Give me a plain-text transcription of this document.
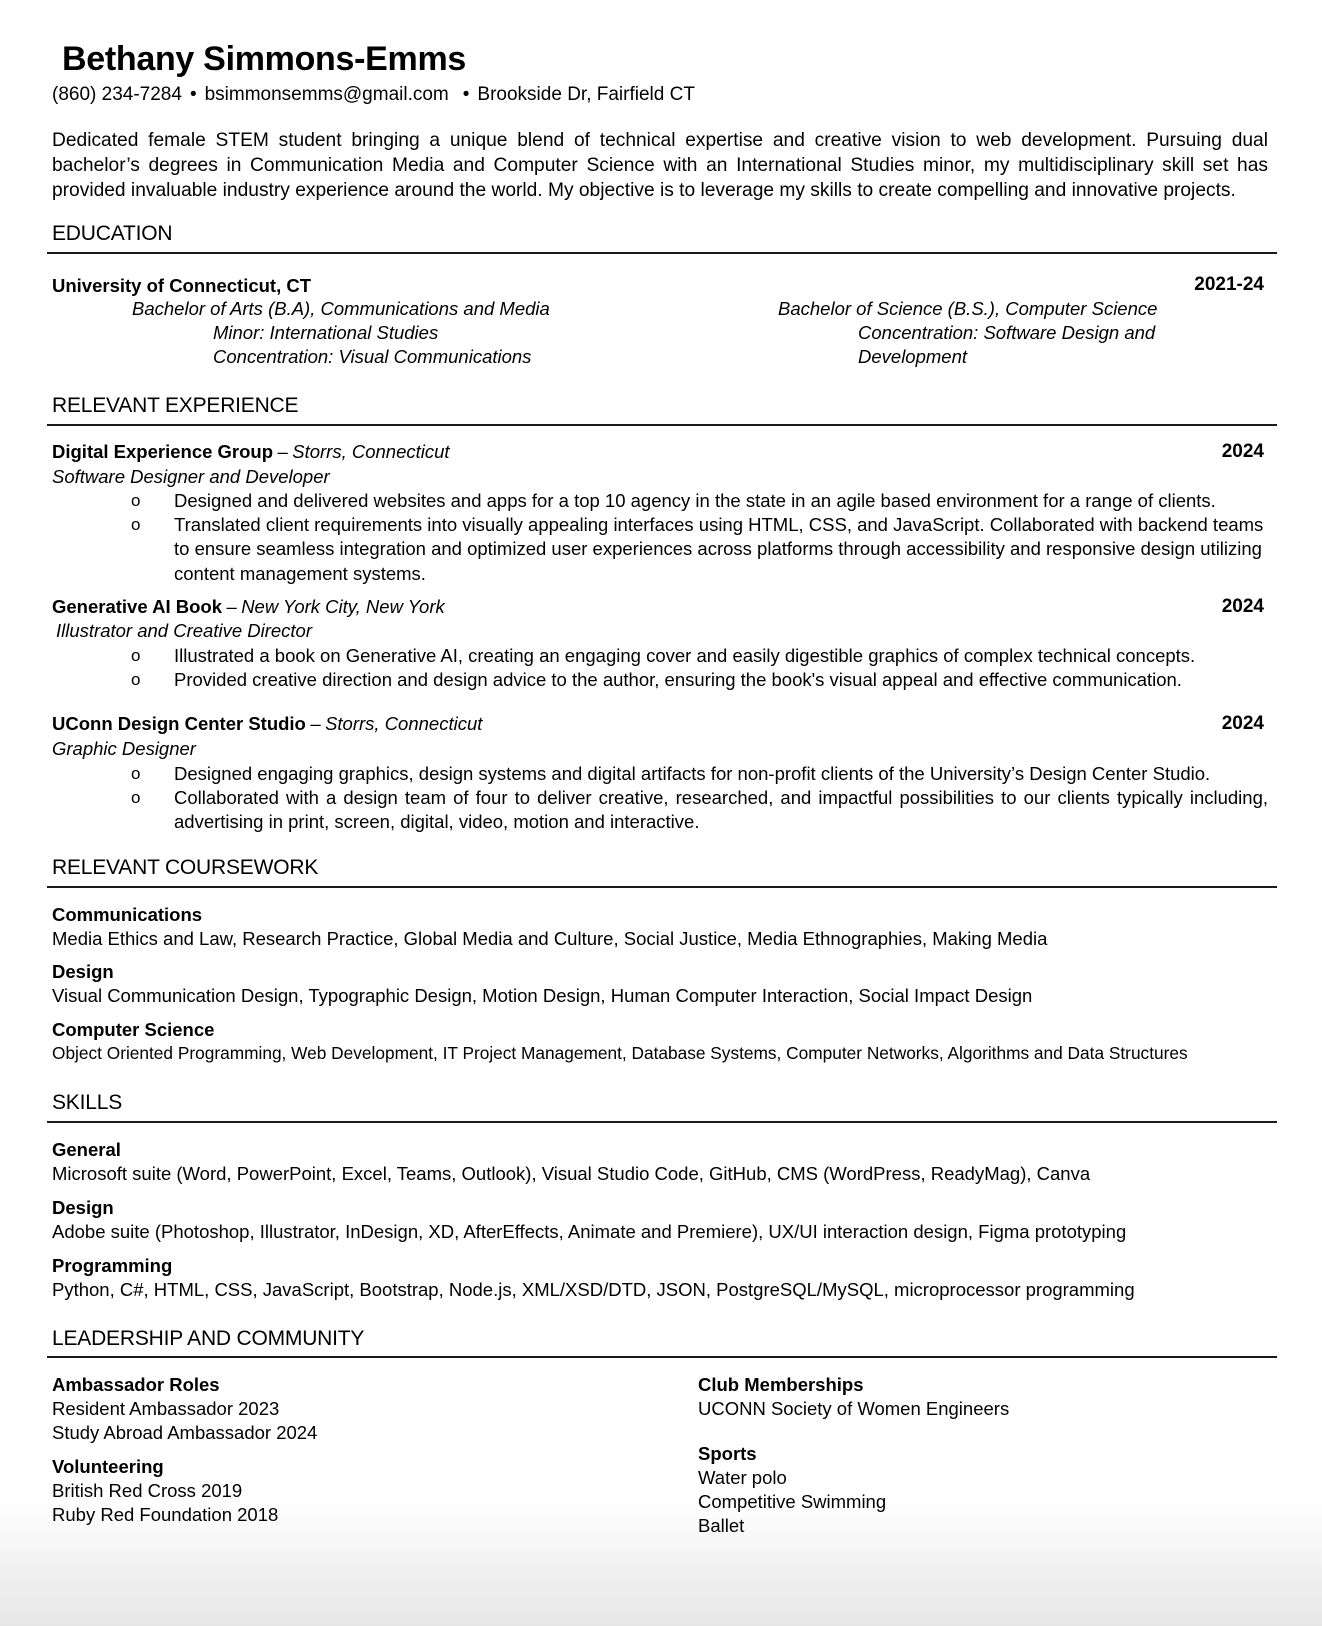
Bethany Simmons-Emms
(860) 234-7284 • bsimmonsemms@gmail.com • Brookside Dr, Fairfield CT
Dedicated female STEM student bringing a unique blend of technical expertise and creative vision to web development. Pursuing dual bachelor’s degrees in Communication Media and Computer Science with an International Studies minor, my multidisciplinary skill set has provided invaluable industry experience around the world. My objective is to leverage my skills to create compelling and innovative projects.
EDUCATION
University of Connecticut, CT	2021-24
Bachelor of Arts (B.A), Communications and Media
Minor: International Studies
Concentration: Visual Communications
Bachelor of Science (B.S.), Computer Science
Concentration: Software Design and
Development
RELEVANT EXPERIENCE
Digital Experience Group – Storrs, Connecticut	2024
Software Designer and Developer
o Designed and delivered websites and apps for a top 10 agency in the state in an agile based environment for a range of clients.
o Translated client requirements into visually appealing interfaces using HTML, CSS, and JavaScript. Collaborated with backend teams to ensure seamless integration and optimized user experiences across platforms through accessibility and responsive design utilizing content management systems.
Generative AI Book – New York City, New York	2024
Illustrator and Creative Director
o Illustrated a book on Generative AI, creating an engaging cover and easily digestible graphics of complex technical concepts.
o Provided creative direction and design advice to the author, ensuring the book's visual appeal and effective communication.
UConn Design Center Studio – Storrs, Connecticut	2024
Graphic Designer
o Designed engaging graphics, design systems and digital artifacts for non-profit clients of the University’s Design Center Studio.
o Collaborated with a design team of four to deliver creative, researched, and impactful possibilities to our clients typically including, advertising in print, screen, digital, video, motion and interactive.
RELEVANT COURSEWORK
Communications
Media Ethics and Law, Research Practice, Global Media and Culture, Social Justice, Media Ethnographies, Making Media
Design
Visual Communication Design, Typographic Design, Motion Design, Human Computer Interaction, Social Impact Design
Computer Science
Object Oriented Programming, Web Development, IT Project Management, Database Systems, Computer Networks, Algorithms and Data Structures
SKILLS
General
Microsoft suite (Word, PowerPoint, Excel, Teams, Outlook), Visual Studio Code, GitHub, CMS (WordPress, ReadyMag), Canva
Design
Adobe suite (Photoshop, Illustrator, InDesign, XD, AfterEffects, Animate and Premiere), UX/UI interaction design, Figma prototyping
Programming
Python, C#, HTML, CSS, JavaScript, Bootstrap, Node.js, XML/XSD/DTD, JSON, PostgreSQL/MySQL, microprocessor programming
LEADERSHIP AND COMMUNITY
Ambassador Roles
Resident Ambassador 2023
Study Abroad Ambassador 2024
Volunteering
British Red Cross 2019
Ruby Red Foundation 2018
Club Memberships
UCONN Society of Women Engineers
Sports
Water polo
Competitive Swimming
Ballet
